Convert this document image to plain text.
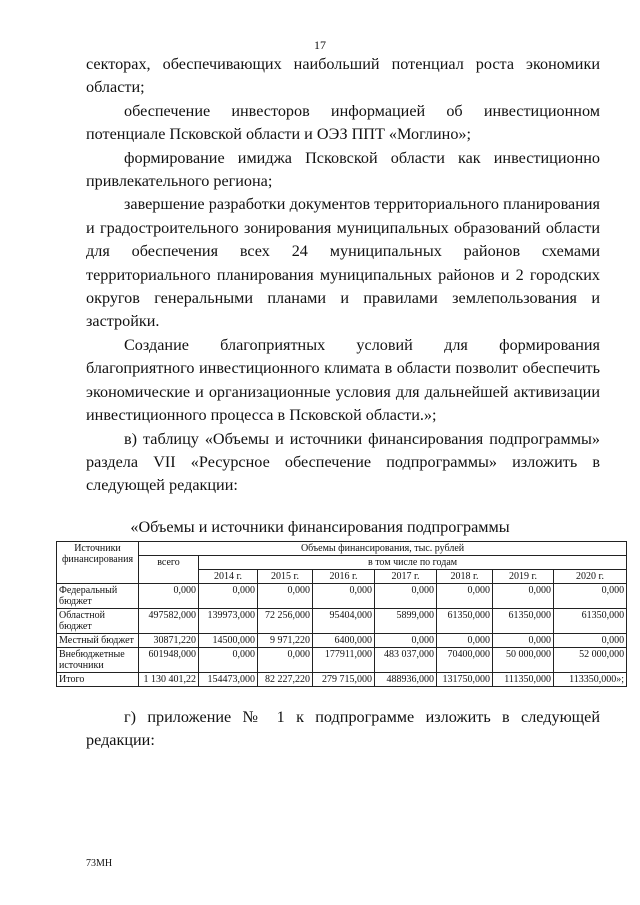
17

секторах, обеспечивающих наибольший потенциал роста экономики области;

обеспечение инвесторов информацией об инвестиционном потенциале Псковской области и ОЭЗ ППТ «Моглино»;

формирование имиджа Псковской области как инвестиционно привлекательного региона;

завершение разработки документов территориального планирования и градостроительного зонирования муниципальных образований области для обеспечения всех 24 муниципальных районов схемами территориального планирования муниципальных районов и 2 городских округов генеральными планами и правилами землепользования и застройки.

Создание благоприятных условий для формирования благоприятного инвестиционного климата в области позволит обеспечить экономические и организационные условия для дальнейшей активизации инвестиционного процесса в Псковской области.»;

в) таблицу «Объемы и источники финансирования подпрограммы» раздела VII «Ресурсное обеспечение подпрограммы» изложить в следующей редакции:

«Объемы и источники финансирования подпрограммы
Источники финансирования	Объемы финансирования, тыс. рублей							
	всего	в том числе по годам						
		2014 г.	2015 г.	2016 г.	2017 г.	2018 г.	2019 г.	2020 г.
Федеральный бюджет	0,000	0,000	0,000	0,000	0,000	0,000	0,000	0,000
Областной бюджет	497582,000	139973,000	72 256,000	95404,000	5899,000	61350,000	61350,000	61350,000
Местный бюджет	30871,220	14500,000	9 971,220	6400,000	0,000	0,000	0,000	0,000
Внебюджетные источники	601948,000	0,000	0,000	177911,000	483 037,000	70400,000	50 000,000	52 000,000
Итого	1 130 401,22	154473,000	82 227,220	279 715,000	488936,000	131750,000	111350,000	113350,000»;

г) приложение № 1 к подпрограмме изложить в следующей

редакции:

73МН
